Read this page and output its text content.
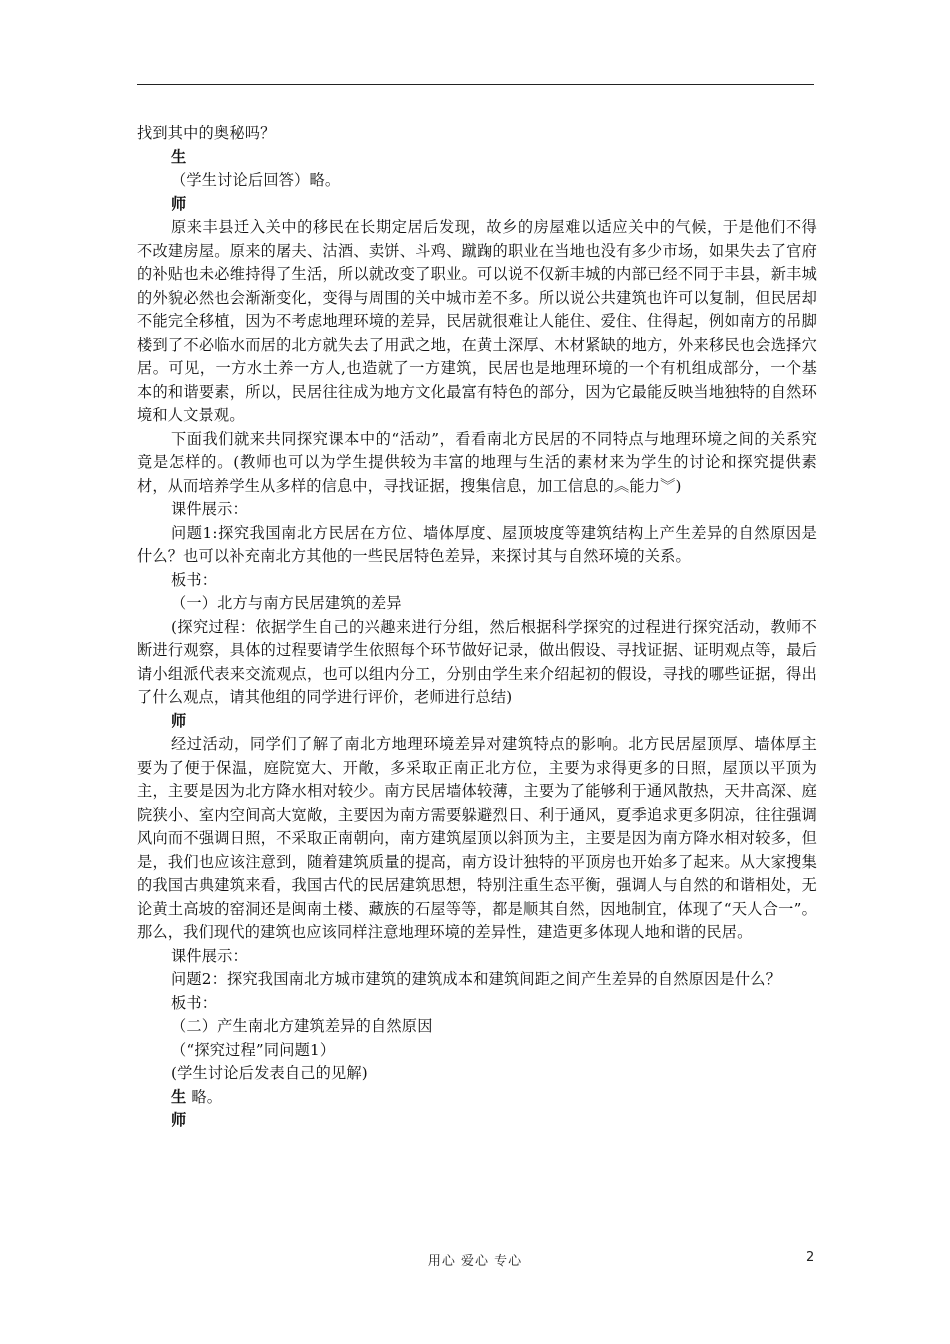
找到其中的奥秘吗？

生

（学生讨论后回答）略。

师

原来丰县迁入关中的移民在长期定居后发现，故乡的房屋难以适应关中的气候，于是他们不得不改建房屋。原来的屠夫、沽酒、卖饼、斗鸡、蹴踘的职业在当地也没有多少市场，如果失去了官府的补贴也未必维持得了生活，所以就改变了职业。可以说不仅新丰城的内部已经不同于丰县，新丰城的外貌必然也会渐渐变化，变得与周围的关中城市差不多。所以说公共建筑也许可以复制，但民居却不能完全移植，因为不考虑地理环境的差异，民居就很难让人能住、爱住、住得起，例如南方的吊脚楼到了不必临水而居的北方就失去了用武之地，在黄土深厚、木材紧缺的地方，外来移民也会选择穴居。可见，一方水土养一方人,也造就了一方建筑，民居也是地理环境的一个有机组成部分，一个基本的和谐要素，所以，民居往往成为地方文化最富有特色的部分，因为它最能反映当地独特的自然环境和人文景观。

下面我们就来共同探究课本中的“活动”，看看南北方民居的不同特点与地理环境之间的关系究竟是怎样的。(教师也可以为学生提供较为丰富的地理与生活的素材来为学生的讨论和探究提供素材，从而培养学生从多样的信息中，寻找证据，搜集信息，加工信息的︽能力︾)

课件展示：

问题1:探究我国南北方民居在方位、墙体厚度、屋顶坡度等建筑结构上产生差异的自然原因是什么？也可以补充南北方其他的一些民居特色差异，来探讨其与自然环境的关系。

板书：

（一）北方与南方民居建筑的差异

(探究过程：依据学生自己的兴趣来进行分组，然后根据科学探究的过程进行探究活动，教师不断进行观察，具体的过程要请学生依照每个环节做好记录，做出假设、寻找证据、证明观点等，最后请小组派代表来交流观点，也可以组内分工，分别由学生来介绍起初的假设，寻找的哪些证据，得出了什么观点，请其他组的同学进行评价，老师进行总结)

师

经过活动，同学们了解了南北方地理环境差异对建筑特点的影响。北方民居屋顶厚、墙体厚主要为了便于保温，庭院宽大、开敞，多采取正南正北方位，主要为求得更多的日照，屋顶以平顶为主，主要是因为北方降水相对较少。南方民居墙体较薄，主要为了能够利于通风散热，天井高深、庭院狭小、室内空间高大宽敞，主要因为南方需要躲避烈日、利于通风，夏季追求更多阴凉，往往强调风向而不强调日照，不采取正南朝向，南方建筑屋顶以斜顶为主，主要是因为南方降水相对较多，但是，我们也应该注意到，随着建筑质量的提高，南方设计独特的平顶房也开始多了起来。从大家搜集的我国古典建筑来看，我国古代的民居建筑思想，特别注重生态平衡，强调人与自然的和谐相处，无论黄土高坡的窑洞还是闽南土楼、藏族的石屋等等，都是顺其自然，因地制宜，体现了“天人合一”。那么，我们现代的建筑也应该同样注意地理环境的差异性，建造更多体现人地和谐的民居。

课件展示：

问题2：探究我国南北方城市建筑的建筑成本和建筑间距之间产生差异的自然原因是什么？

板书：

（二）产生南北方建筑差异的自然原因

（“探究过程”同问题1）

(学生讨论后发表自己的见解)

生 略。

师

用心 爱心 专心	2
